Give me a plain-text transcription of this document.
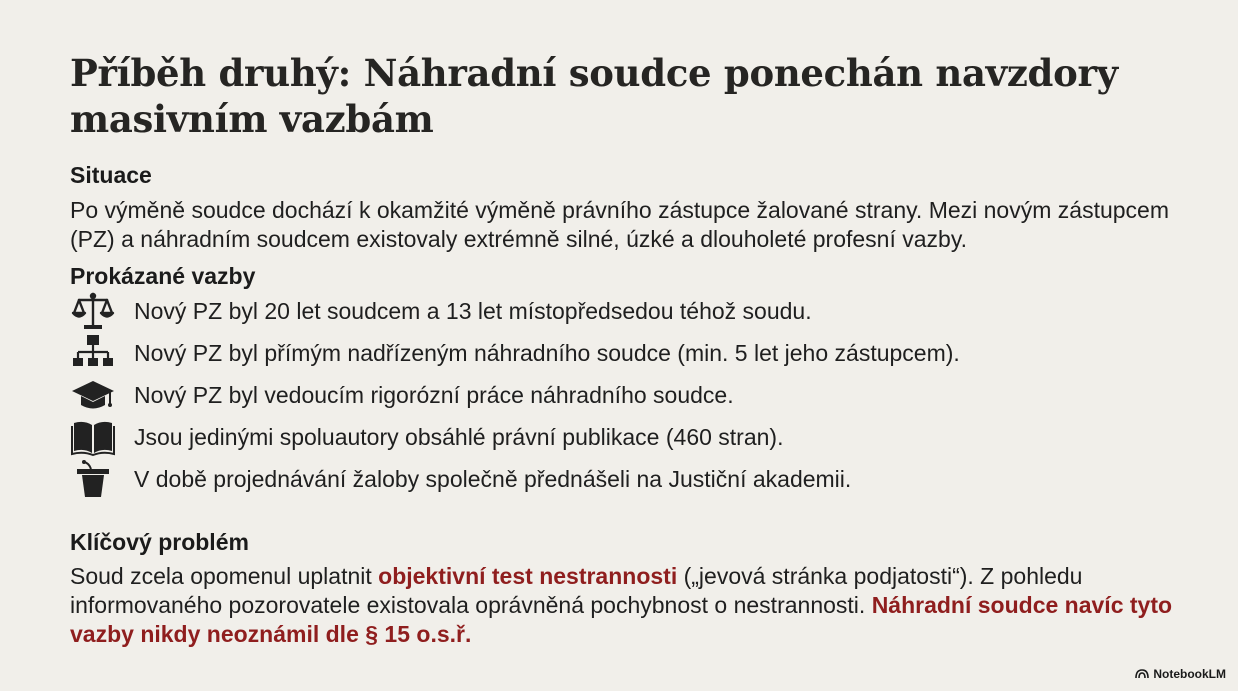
Příběh druhý: Náhradní soudce ponechán navzdory masivním vazbám
Situace

Po výměně soudce dochází k okamžité výměně právního zástupce žalované strany. Mezi novým zástupcem (PZ) a náhradním soudcem existovaly extrémně silné, úzké a dlouholeté profesní vazby.

Prokázané vazby
Nový PZ byl 20 let soudcem a 13 let místopředsedou téhož soudu.
Nový PZ byl přímým nadřízeným náhradního soudce (min. 5 let jeho zástupcem).
Nový PZ byl vedoucím rigorózní práce náhradního soudce.
Jsou jedinými spoluautory obsáhlé právní publikace (460 stran).
V době projednávání žaloby společně přednášeli na Justiční akademii.
Klíčový problém

Soud zcela opomenul uplatnit objektivní test nestrannosti („jevová stránka podjatosti“). Z pohledu informovaného pozorovatele existovala oprávněná pochybnost o nestrannosti. Náhradní soudce navíc tyto vazby nikdy neoznámil dle § 15 o.s.ř.

NotebookLM
